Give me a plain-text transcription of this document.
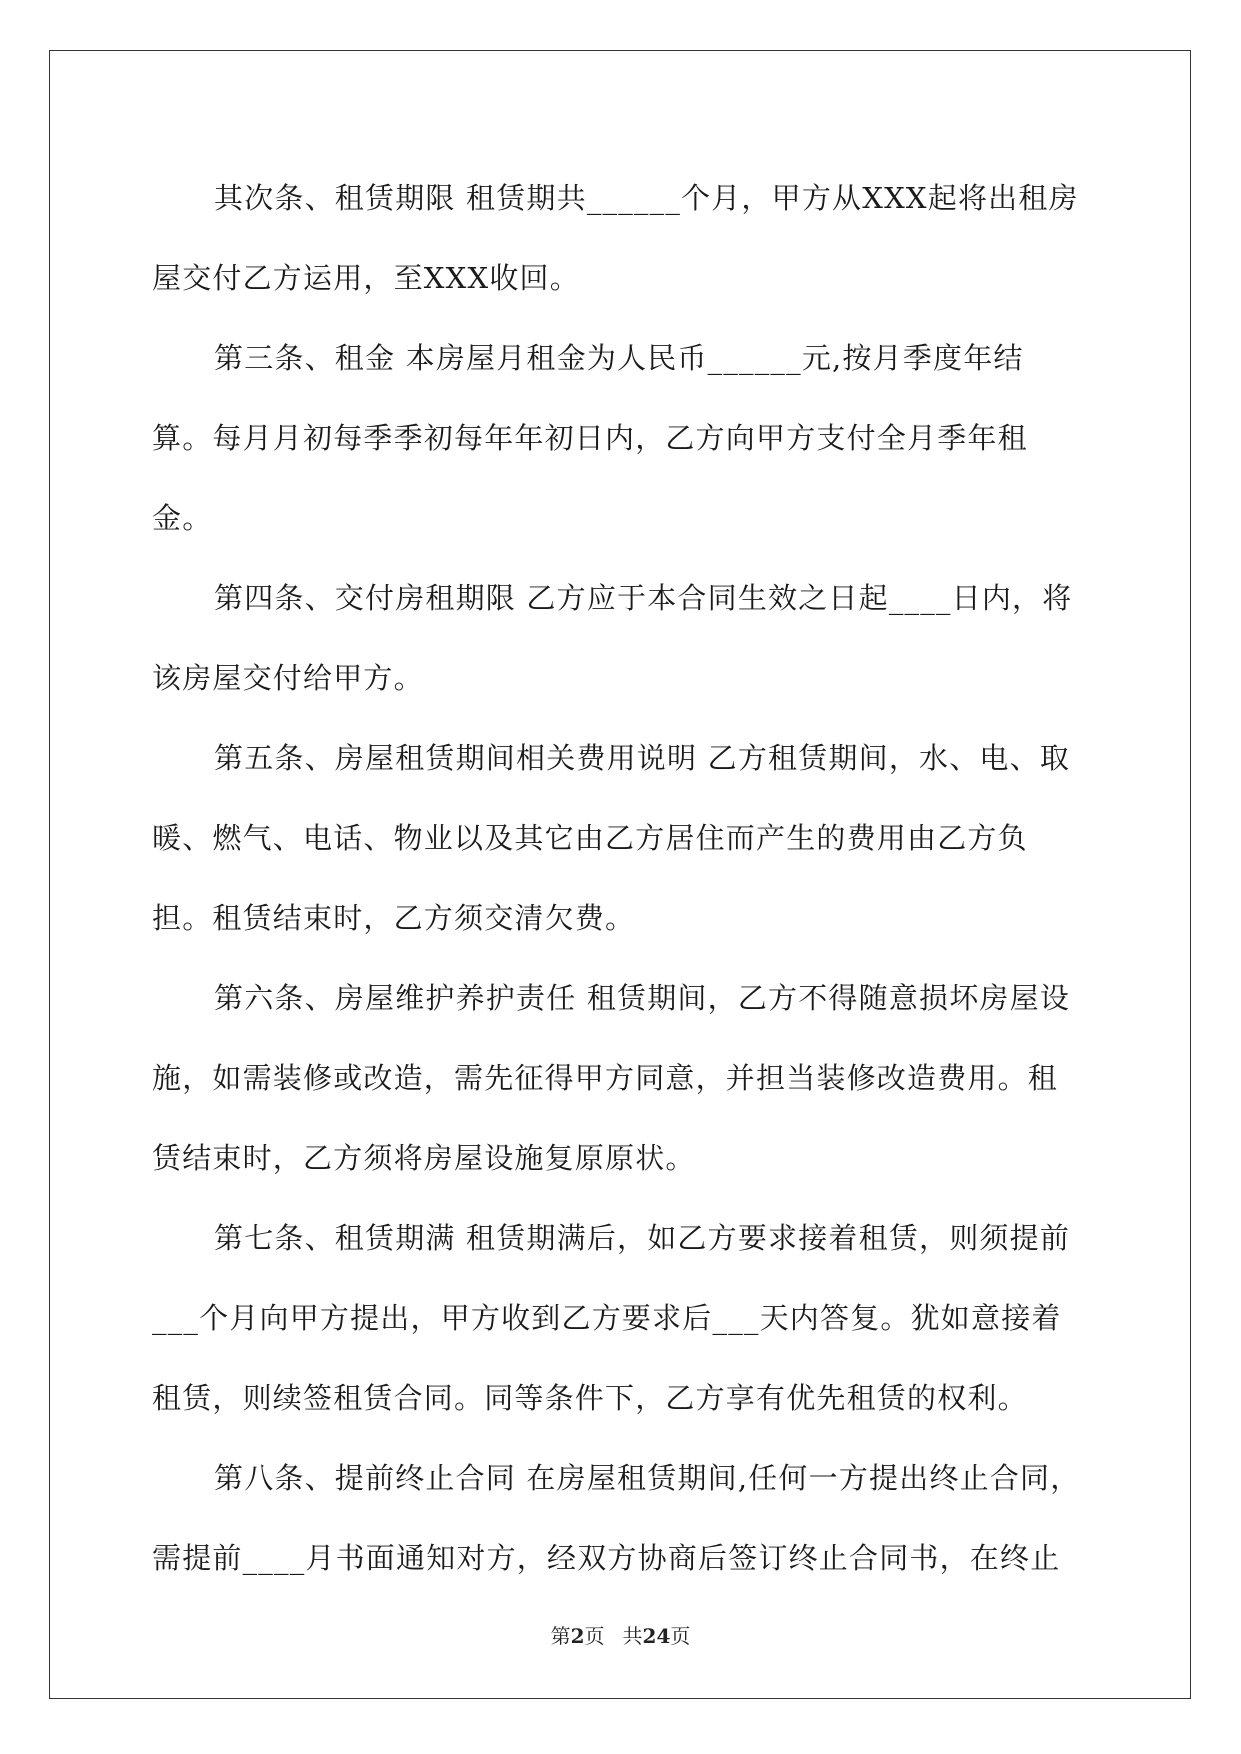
其次条、租赁期限 租赁期共______个月，甲方从XXX起将出租房屋交付乙方运用，至XXX收回。

第三条、租金 本房屋月租金为人民币______元,按月季度年结算。每月月初每季季初每年年初日内，乙方向甲方支付全月季年租金。

第四条、交付房租期限 乙方应于本合同生效之日起____日内，将该房屋交付给甲方。

第五条、房屋租赁期间相关费用说明 乙方租赁期间，水、电、取暖、燃气、电话、物业以及其它由乙方居住而产生的费用由乙方负担。租赁结束时，乙方须交清欠费。

第六条、房屋维护养护责任 租赁期间，乙方不得随意损坏房屋设施，如需装修或改造，需先征得甲方同意，并担当装修改造费用。租赁结束时，乙方须将房屋设施复原原状。

第七条、租赁期满 租赁期满后，如乙方要求接着租赁，则须提前___个月向甲方提出，甲方收到乙方要求后___天内答复。犹如意接着租赁，则续签租赁合同。同等条件下，乙方享有优先租赁的权利。

第八条、提前终止合同 在房屋租赁期间,任何一方提出终止合同，需提前____月书面通知对方，经双方协商后签订终止合同书，在终止

第2页 共24页
